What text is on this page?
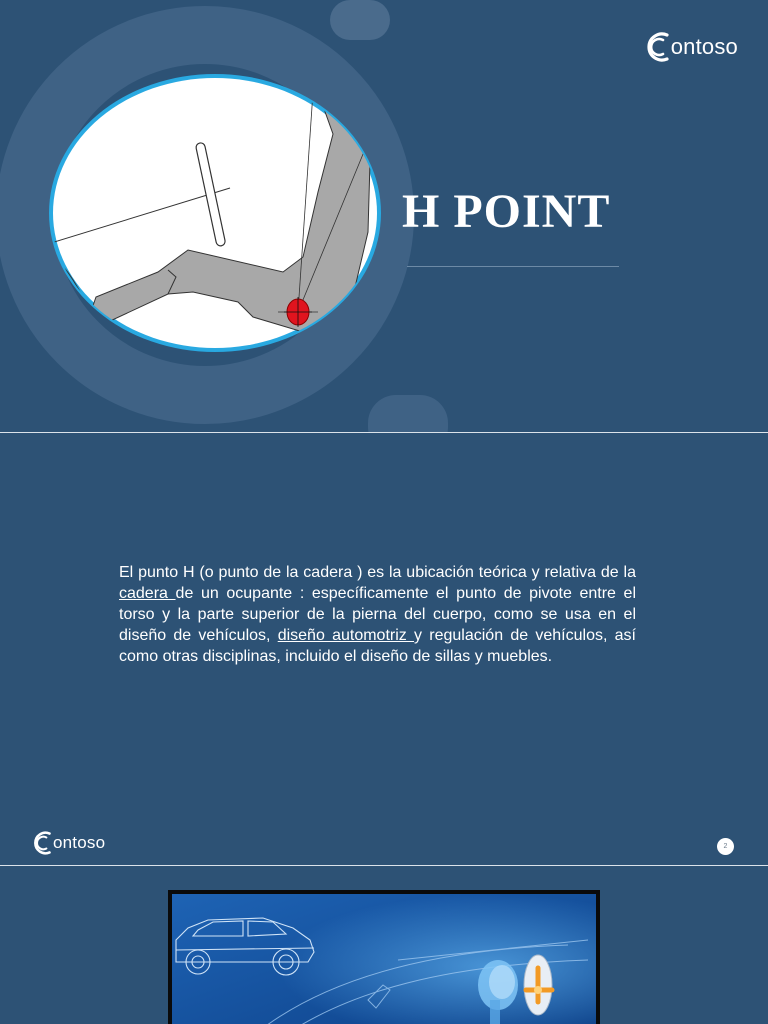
H POINT
ontoso

El punto H (o punto de la cadera ) es la ubicación teórica y relativa de la cadera de un ocupante : específicamente el punto de pivote entre el torso y la parte superior de la pierna del cuerpo, como se usa en el diseño de vehículos, diseño automotriz y regulación de vehículos, así como otras disciplinas, incluido el diseño de sillas y muebles.

ontoso	2
